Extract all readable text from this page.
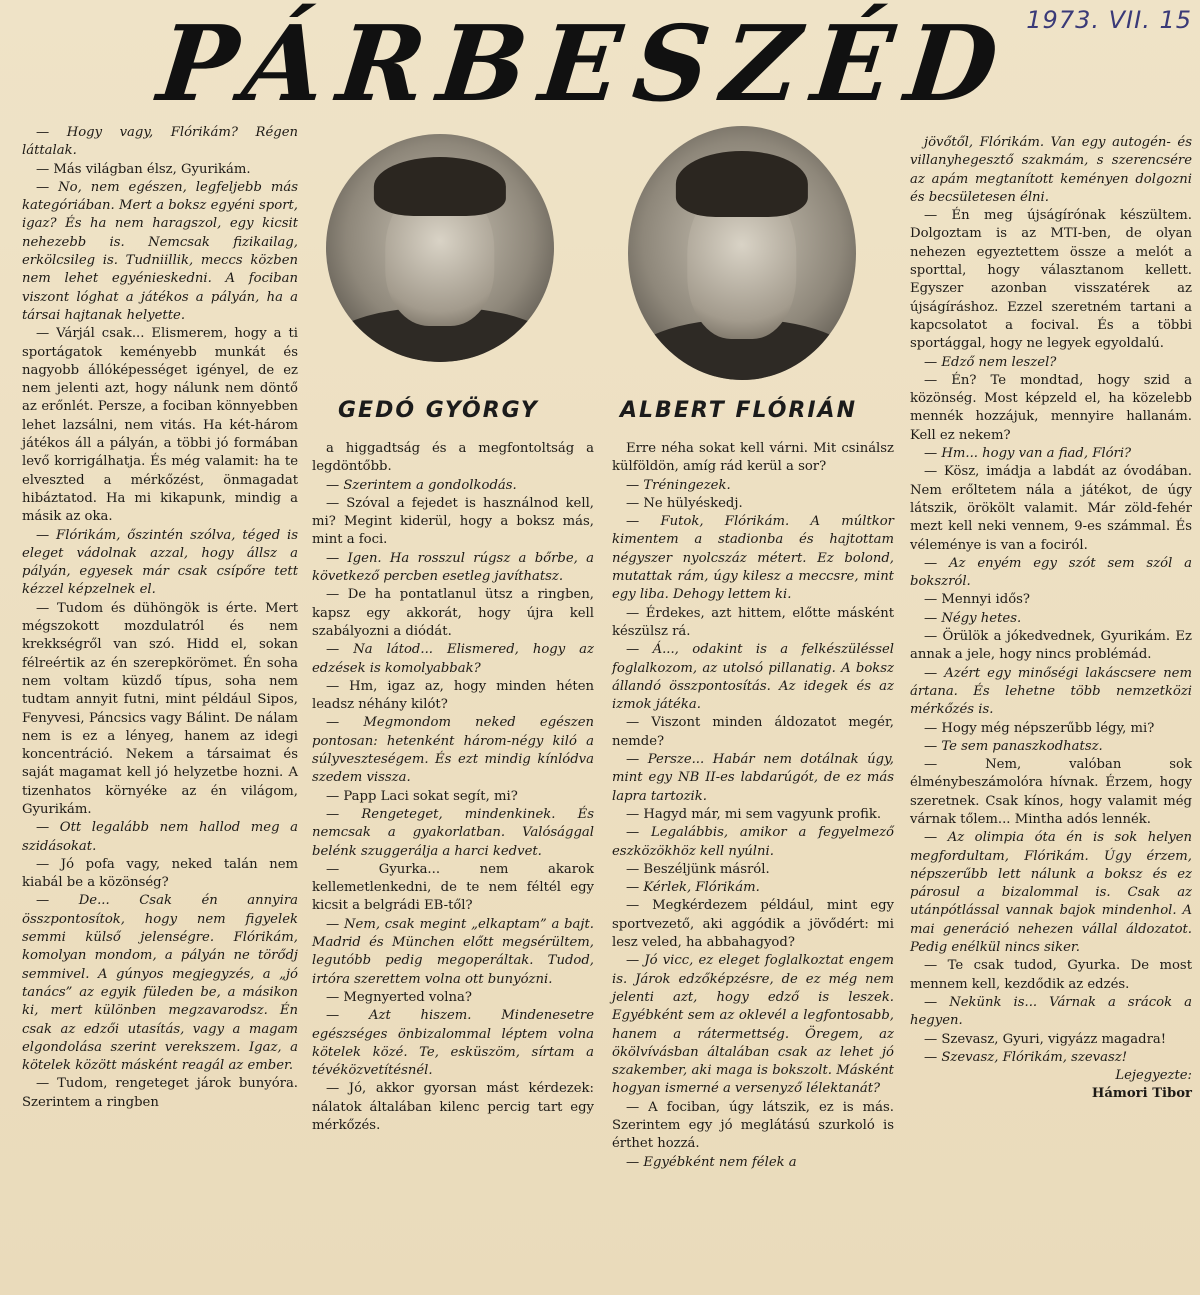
1973. VII. 15
PÁRBESZÉD
GEDÓ GYÖRGY	ALBERT FLÓRIÁN

— Hogy vagy, Flórikám? Régen láttalak.

— Más világban élsz, Gyurikám.

— No, nem egészen, legfeljebb más kategóriában. Mert a boksz egyéni sport, igaz? És ha nem haragszol, egy kicsit nehezebb is. Nemcsak fizikailag, erkölcsileg is. Tudniillik, meccs közben nem lehet egyénieskedni. A fociban viszont lóghat a játékos a pályán, ha a társai hajtanak helyette.

— Várjál csak... Elismerem, hogy a ti sportágatok keményebb munkát és nagyobb állóképességet igényel, de ez nem jelenti azt, hogy nálunk nem döntő az erőnlét. Persze, a fociban könnyebben lehet lazsálni, nem vitás. Ha két-három játékos áll a pályán, a többi jó formában levő korrigálhatja. És még valamit: ha te elveszted a mérkőzést, önmagadat hibáztatod. Ha mi kikapunk, mindig a másik az oka.

— Flórikám, őszintén szólva, téged is eleget vádolnak azzal, hogy állsz a pályán, egyesek már csak csípőre tett kézzel képzelnek el.

— Tudom és dühöngök is érte. Mert mégszokott mozdulatról és nem krekkségről van szó. Hidd el, sokan félreértik az én szerepkörömet. Én soha nem voltam küzdő típus, soha nem tudtam annyit futni, mint például Sipos, Fenyvesi, Páncsics vagy Bálint. De nálam nem is ez a lényeg, hanem az idegi koncentráció. Nekem a társaimat és saját magamat kell jó helyzetbe hozni. A tizenhatos környéke az én világom, Gyurikám.

— Ott legalább nem hallod meg a szidásokat.

— Jó pofa vagy, neked talán nem kiabál be a közönség?

— De... Csak én annyira összpontosítok, hogy nem figyelek semmi külső jelenségre. Flórikám, komolyan mondom, a pályán ne törődj semmivel. A gúnyos megjegyzés, a „jó tanács” az egyik füleden be, a másikon ki, mert különben megzavarodsz. Én csak az edzői utasítás, vagy a magam elgondolása szerint verekszem. Igaz, a kötelek között másként reagál az ember.

— Tudom, rengeteget járok bunyóra. Szerintem a ringben

a higgadtság és a megfontoltság a legdöntőbb.

— Szerintem a gondolkodás.

— Szóval a fejedet is használnod kell, mi? Megint kiderül, hogy a boksz más, mint a foci.

— Igen. Ha rosszul rúgsz a bőrbe, a következő percben esetleg javíthatsz.

— De ha pontatlanul ütsz a ringben, kapsz egy akkorát, hogy újra kell szabályozni a diódát.

— Na látod... Elismered, hogy az edzések is komolyabbak?

— Hm, igaz az, hogy minden héten leadsz néhány kilót?

— Megmondom neked egészen pontosan: hetenként három-négy kiló a súlyveszteségem. És ezt mindig kínlódva szedem vissza.

— Papp Laci sokat segít, mi?

— Rengeteget, mindenkinek. És nemcsak a gyakorlatban. Valósággal belénk szuggerálja a harci kedvet.

— Gyurka... nem akarok kellemetlenkedni, de te nem féltél egy kicsit a belgrádi EB-től?

— Nem, csak megint „elkaptam” a bajt. Madrid és München előtt megsérültem, legutóbb pedig megoperáltak. Tudod, irtóra szerettem volna ott bunyózni.

— Megnyerted volna?

— Azt hiszem. Mindenesetre egészséges önbizalommal léptem volna kötelek közé. Te, esküszöm, sírtam a tévéközvetítésnél.

— Jó, akkor gyorsan mást kérdezek: nálatok általában kilenc percig tart egy mérkőzés.

Erre néha sokat kell várni. Mit csinálsz külföldön, amíg rád kerül a sor?

— Tréningezek.

— Ne hülyéskedj.

— Futok, Flórikám. A múltkor kimentem a stadionba és hajtottam négyszer nyolcszáz métert. Ez bolond, mutattak rám, úgy kilesz a meccsre, mint egy liba. Dehogy lettem ki.

— Érdekes, azt hittem, előtte másként készülsz rá.

— Á..., odakint is a felkészüléssel foglalkozom, az utolsó pillanatig. A boksz állandó összpontosítás. Az idegek és az izmok játéka.

— Viszont minden áldozatot megér, nemde?

— Persze... Habár nem dotálnak úgy, mint egy NB II-es labdarúgót, de ez más lapra tartozik.

— Hagyd már, mi sem vagyunk profik.

— Legalábbis, amikor a fegyelmező eszközökhöz kell nyúlni.

— Beszéljünk másról.

— Kérlek, Flórikám.

— Megkérdezem például, mint egy sportvezető, aki aggódik a jövődért: mi lesz veled, ha abbahagyod?

— Jó vicc, ez eleget foglalkoztat engem is. Járok edzőképzésre, de ez még nem jelenti azt, hogy edző is leszek. Egyébként sem az oklevél a legfontosabb, hanem a rátermettség. Öregem, az ökölvívásban általában csak az lehet jó szakember, aki maga is bokszolt. Másként hogyan ismerné a versenyző lélektanát?

— A fociban, úgy látszik, ez is más. Szerintem egy jó meglátású szurkoló is érthet hozzá.

— Egyébként nem félek a

jövőtől, Flórikám. Van egy autogén- és villanyhegesztő szakmám, s szerencsére az apám megtanított keményen dolgozni és becsületesen élni.

— Én meg újságírónak készültem. Dolgoztam is az MTI-ben, de olyan nehezen egyeztettem össze a melót a sporttal, hogy választanom kellett. Egyszer azonban visszatérek az újságíráshoz. Ezzel szeretném tartani a kapcsolatot a focival. És a többi sportággal, hogy ne legyek egyoldalú.

— Edző nem leszel?

— Én? Te mondtad, hogy szid a közönség. Most képzeld el, ha közelebb mennék hozzájuk, mennyire hallanám. Kell ez nekem?

— Hm... hogy van a fiad, Flóri?

— Kösz, imádja a labdát az óvodában. Nem erőltetem nála a játékot, de úgy látszik, örökölt valamit. Már zöld-fehér mezt kell neki vennem, 9-es számmal. És véleménye is van a fociról.

— Az enyém egy szót sem szól a bokszról.

— Mennyi idős?

— Négy hetes.

— Örülök a jókedvednek, Gyurikám. Ez annak a jele, hogy nincs problémád.

— Azért egy minőségi lakáscsere nem ártana. És lehetne több nemzetközi mérkőzés is.

— Hogy még népszerűbb légy, mi?

— Te sem panaszkodhatsz.

— Nem, valóban sok élménybeszámolóra hívnak. Érzem, hogy szeretnek. Csak kínos, hogy valamit még várnak tőlem... Mintha adós lennék.

— Az olimpia óta én is sok helyen megfordultam, Flórikám. Úgy érzem, népszerűbb lett nálunk a boksz és ez párosul a bizalommal is. Csak az utánpótlással vannak bajok mindenhol. A mai generáció nehezen vállal áldozatot. Pedig enélkül nincs siker.

— Te csak tudod, Gyurka. De most mennem kell, kezdődik az edzés.

— Nekünk is... Várnak a srácok a hegyen.

— Szevasz, Gyuri, vigyázz magadra!

— Szevasz, Flórikám, szevasz!

Lejegyezte:

Hámori Tibor
